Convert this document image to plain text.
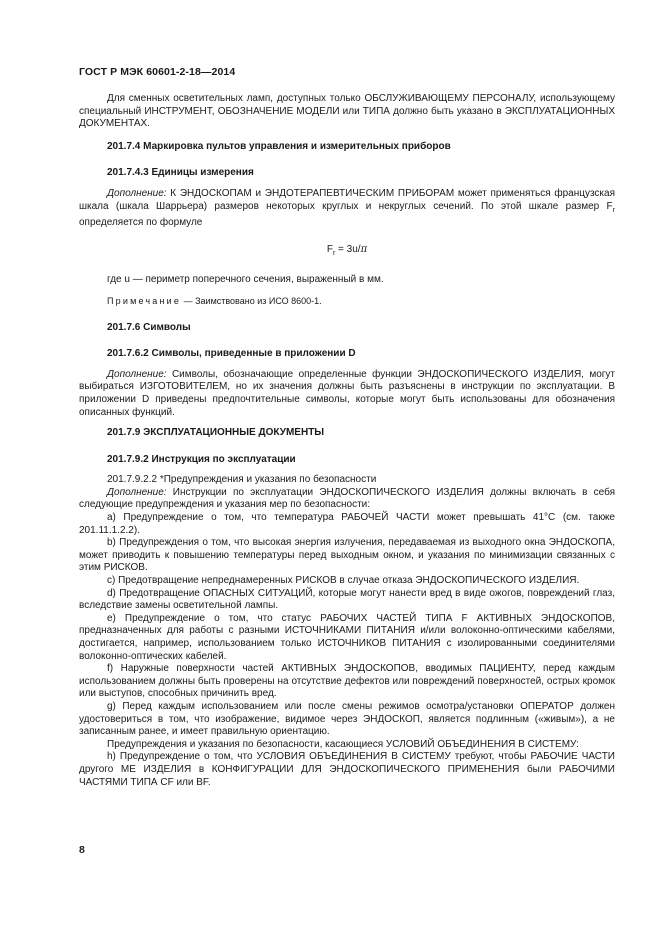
ГОСТ Р МЭК 60601-2-18—2014

Для сменных осветительных ламп, доступных только ОБСЛУЖИВАЮЩЕМУ ПЕРСОНАЛУ, использующему специальный ИНСТРУМЕНТ, ОБОЗНАЧЕНИЕ МОДЕЛИ или ТИПА должно быть указано в ЭКСПЛУАТАЦИОННЫХ ДОКУМЕНТАХ.

201.7.4 Маркировка пультов управления и измерительных приборов

201.7.4.3 Единицы измерения

Дополнение: К ЭНДОСКОПАМ и ЭНДОТЕРАПЕВТИЧЕСКИМ ПРИБОРАМ может применяться французская шкала (шкала Шаррьера) размеров некоторых круглых и некруглых сечений. По этой шкале размер $F_r$ определяется по формуле

$F_r = 3u/\pi$

где u — периметр поперечного сечения, выраженный в мм.

Примечание — Заимствовано из ИСО 8600-1.

201.7.6 Символы

201.7.6.2 Символы, приведенные в приложении D

Дополнение: Символы, обозначающие определенные функции ЭНДОСКОПИЧЕСКОГО ИЗДЕЛИЯ, могут выбираться ИЗГОТОВИТЕЛЕМ, но их значения должны быть разъяснены в инструкции по эксплуатации. В приложении D приведены предпочтительные символы, которые могут быть использованы для обозначения описанных функций.

201.7.9 ЭКСПЛУАТАЦИОННЫЕ ДОКУМЕНТЫ

201.7.9.2 Инструкция по эксплуатации

201.7.9.2.2 *Предупреждения и указания по безопасности

Дополнение: Инструкции по эксплуатации ЭНДОСКОПИЧЕСКОГО ИЗДЕЛИЯ должны включать в себя следующие предупреждения и указания мер по безопасности:

a) Предупреждение о том, что температура РАБОЧЕЙ ЧАСТИ может превышать 41°C (см. также 201.11.1.2.2).

b) Предупреждения о том, что высокая энергия излучения, передаваемая из выходного окна ЭНДОСКОПА, может приводить к повышению температуры перед выходным окном, и указания по минимизации связанных с этим РИСКОВ.

c) Предотвращение непреднамеренных РИСКОВ в случае отказа ЭНДОСКОПИЧЕСКОГО ИЗДЕЛИЯ.

d) Предотвращение ОПАСНЫХ СИТУАЦИЙ, которые могут нанести вред в виде ожогов, повреждений глаз, вследствие замены осветительной лампы.

e) Предупреждение о том, что статус РАБОЧИХ ЧАСТЕЙ ТИПА F АКТИВНЫХ ЭНДОСКОПОВ, предназначенных для работы с разными ИСТОЧНИКАМИ ПИТАНИЯ и/или волоконно-оптическими кабелями, достигается, например, использованием только ИСТОЧНИКОВ ПИТАНИЯ с изолированными соединителями волоконно-оптических кабелей.

f) Наружные поверхности частей АКТИВНЫХ ЭНДОСКОПОВ, вводимых ПАЦИЕНТУ, перед каждым использованием должны быть проверены на отсутствие дефектов или повреждений поверхностей, острых кромок или выступов, способных причинить вред.

g) Перед каждым использованием или после смены режимов осмотра/установки ОПЕРАТОР должен удостовериться в том, что изображение, видимое через ЭНДОСКОП, является подлинным («живым»), а не записанным ранее, и имеет правильную ориентацию.

Предупреждения и указания по безопасности, касающиеся УСЛОВИЙ ОБЪЕДИНЕНИЯ В СИСТЕМУ:

h) Предупреждение о том, что УСЛОВИЯ ОБЪЕДИНЕНИЯ В СИСТЕМУ требуют, чтобы РАБОЧИЕ ЧАСТИ другого МЕ ИЗДЕЛИЯ в КОНФИГУРАЦИИ ДЛЯ ЭНДОСКОПИЧЕСКОГО ПРИМЕНЕНИЯ были РАБОЧИМИ ЧАСТЯМИ ТИПА CF или BF.

8
